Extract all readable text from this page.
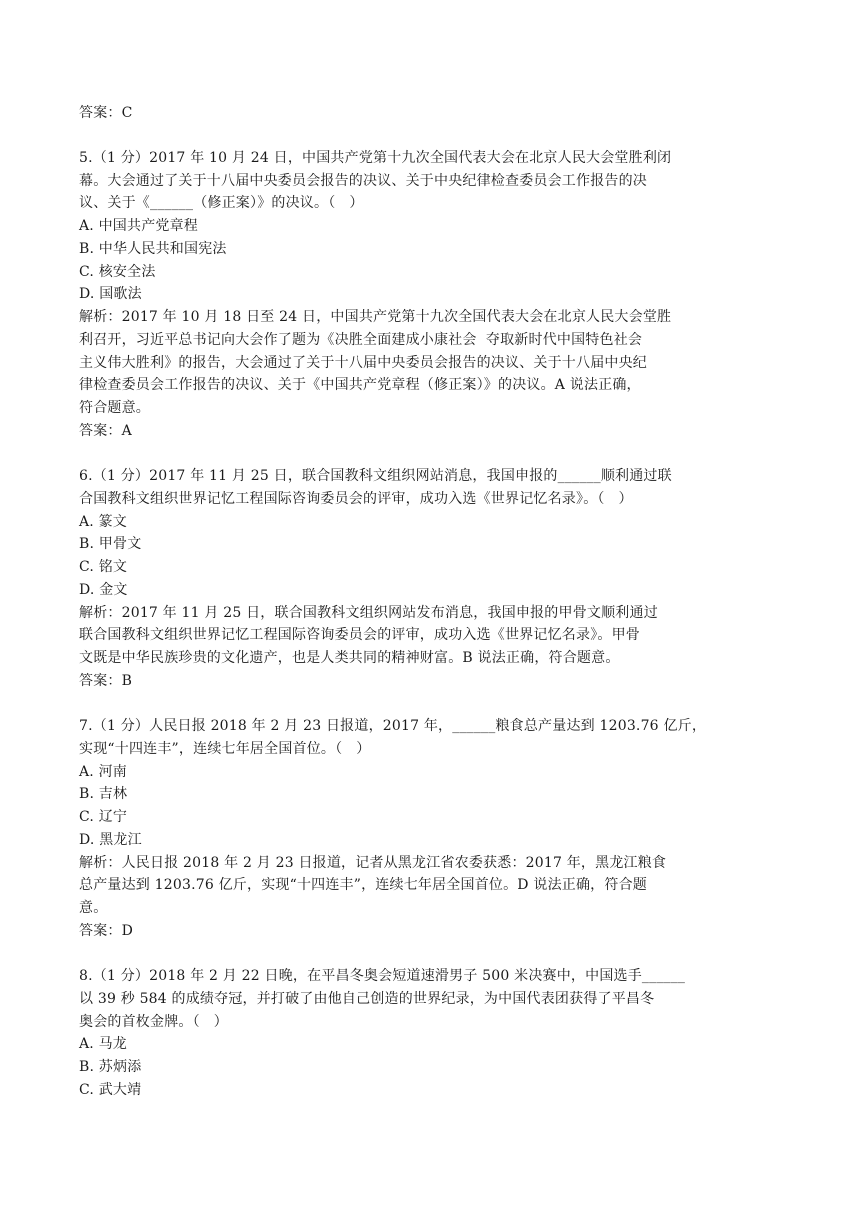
答案：C
5.（1 分）2017 年 10 月 24 日，中国共产党第十九次全国代表大会在北京人民大会堂胜利闭
幕。大会通过了关于十八届中央委员会报告的决议、关于中央纪律检查委员会工作报告的决
议、关于《______（修正案）》的决议。（   ）
A. 中国共产党章程
B. 中华人民共和国宪法
C. 核安全法
D. 国歌法
解析：2017 年 10 月 18 日至 24 日，中国共产党第十九次全国代表大会在北京人民大会堂胜
利召开，习近平总书记向大会作了题为《决胜全面建成小康社会  夺取新时代中国特色社会
主义伟大胜利》的报告，大会通过了关于十八届中央委员会报告的决议、关于十八届中央纪
律检查委员会工作报告的决议、关于《中国共产党章程（修正案）》的决议。A 说法正确，
符合题意。
答案：A
6.（1 分）2017 年 11 月 25 日，联合国教科文组织网站消息，我国申报的______顺利通过联
合国教科文组织世界记忆工程国际咨询委员会的评审，成功入选《世界记忆名录》。（   ）
A. 篆文
B. 甲骨文
C. 铭文
D. 金文
解析：2017 年 11 月 25 日，联合国教科文组织网站发布消息，我国申报的甲骨文顺利通过
联合国教科文组织世界记忆工程国际咨询委员会的评审，成功入选《世界记忆名录》。甲骨
文既是中华民族珍贵的文化遗产，也是人类共同的精神财富。B 说法正确，符合题意。
答案：B
7.（1 分）人民日报 2018 年 2 月 23 日报道，2017 年，______粮食总产量达到 1203.76 亿斤，
实现“十四连丰”，连续七年居全国首位。（   ）
A. 河南
B. 吉林
C. 辽宁
D. 黑龙江
解析：人民日报 2018 年 2 月 23 日报道，记者从黑龙江省农委获悉：2017 年，黑龙江粮食
总产量达到 1203.76 亿斤，实现“十四连丰”，连续七年居全国首位。D 说法正确，符合题
意。
答案：D
8.（1 分）2018 年 2 月 22 日晚，在平昌冬奥会短道速滑男子 500 米决赛中，中国选手______
以 39 秒 584 的成绩夺冠，并打破了由他自己创造的世界纪录，为中国代表团获得了平昌冬
奥会的首枚金牌。（   ）
A. 马龙
B. 苏炳添
C. 武大靖
